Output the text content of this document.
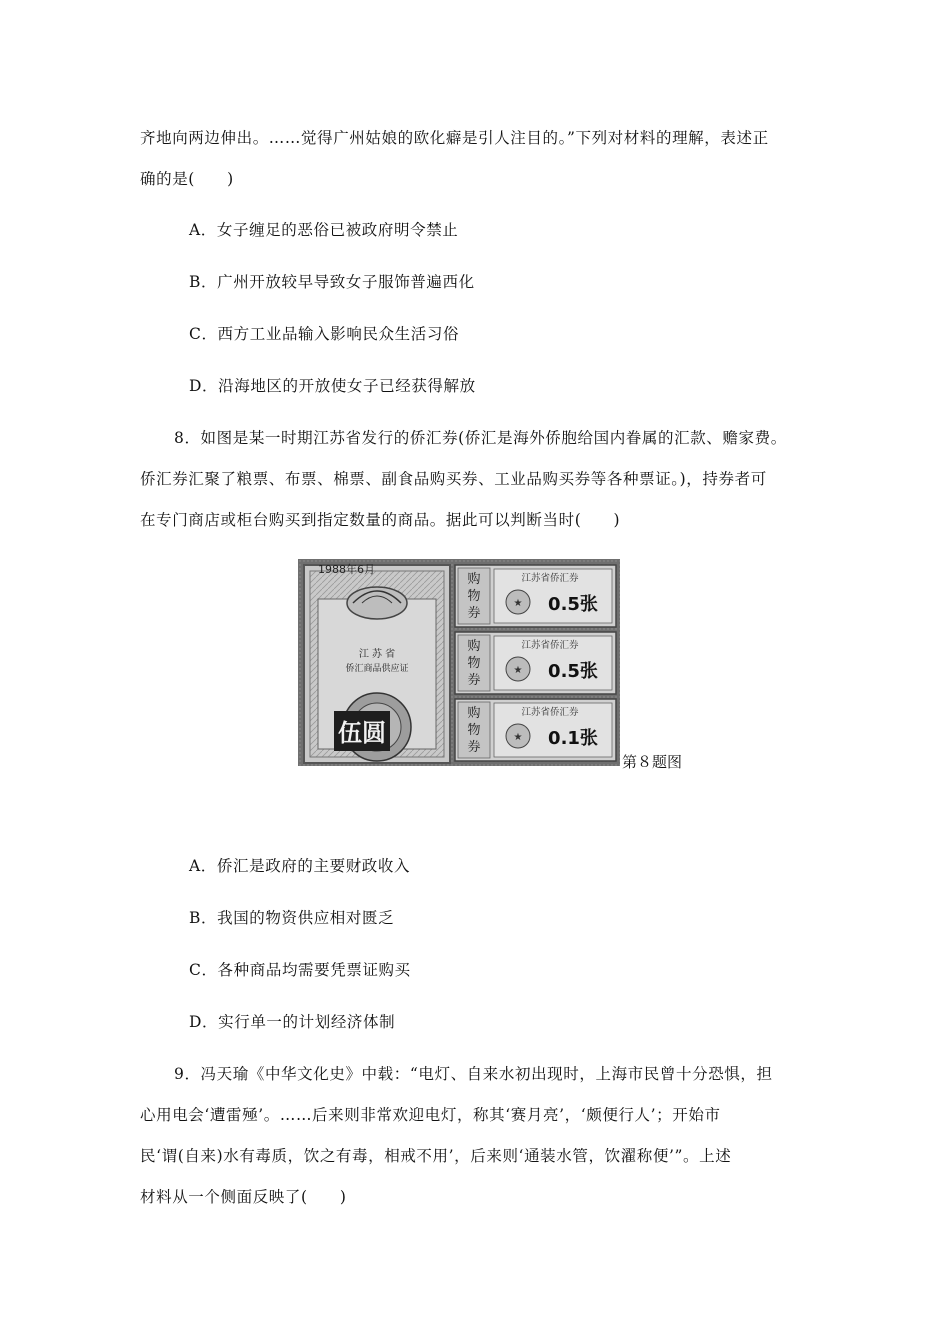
齐地向两边伸出。……觉得广州姑娘的欧化癖是引人注目的。”下列对材料的理解，表述正
确的是(　　)
A．女子缠足的恶俗已被政府明令禁止
B．广州开放较早导致女子服饰普遍西化
C．西方工业品输入影响民众生活习俗
D．沿海地区的开放使女子已经获得解放
8．如图是某一时期江苏省发行的侨汇券(侨汇是海外侨胞给国内眷属的汇款、赡家费。
侨汇券汇聚了粮票、布票、棉票、副食品购买券、工业品购买券等各种票证。)，持券者可
在专门商店或柜台购买到指定数量的商品。据此可以判断当时(　　)
伍圆
1988年6月
江 苏 省
侨汇商品供应证
购
物
券
江苏省侨汇券
★ 0.5张
购
物
券
江苏省侨汇券
★ 0.5张
购
物
券
江苏省侨汇券
★ 0.1张
第８题图
A．侨汇是政府的主要财政收入
B．我国的物资供应相对匮乏
C．各种商品均需要凭票证购买
D．实行单一的计划经济体制
9．冯天瑜《中华文化史》中载：“电灯、自来水初出现时，上海市民曾十分恐惧，担
心用电会‘遭雷殛’。……后来则非常欢迎电灯，称其‘赛月亮’，‘颇便行人’；开始市
民‘谓(自来)水有毒质，饮之有毒，相戒不用’，后来则‘通装水管，饮濯称便’”。上述
材料从一个侧面反映了(　　)
